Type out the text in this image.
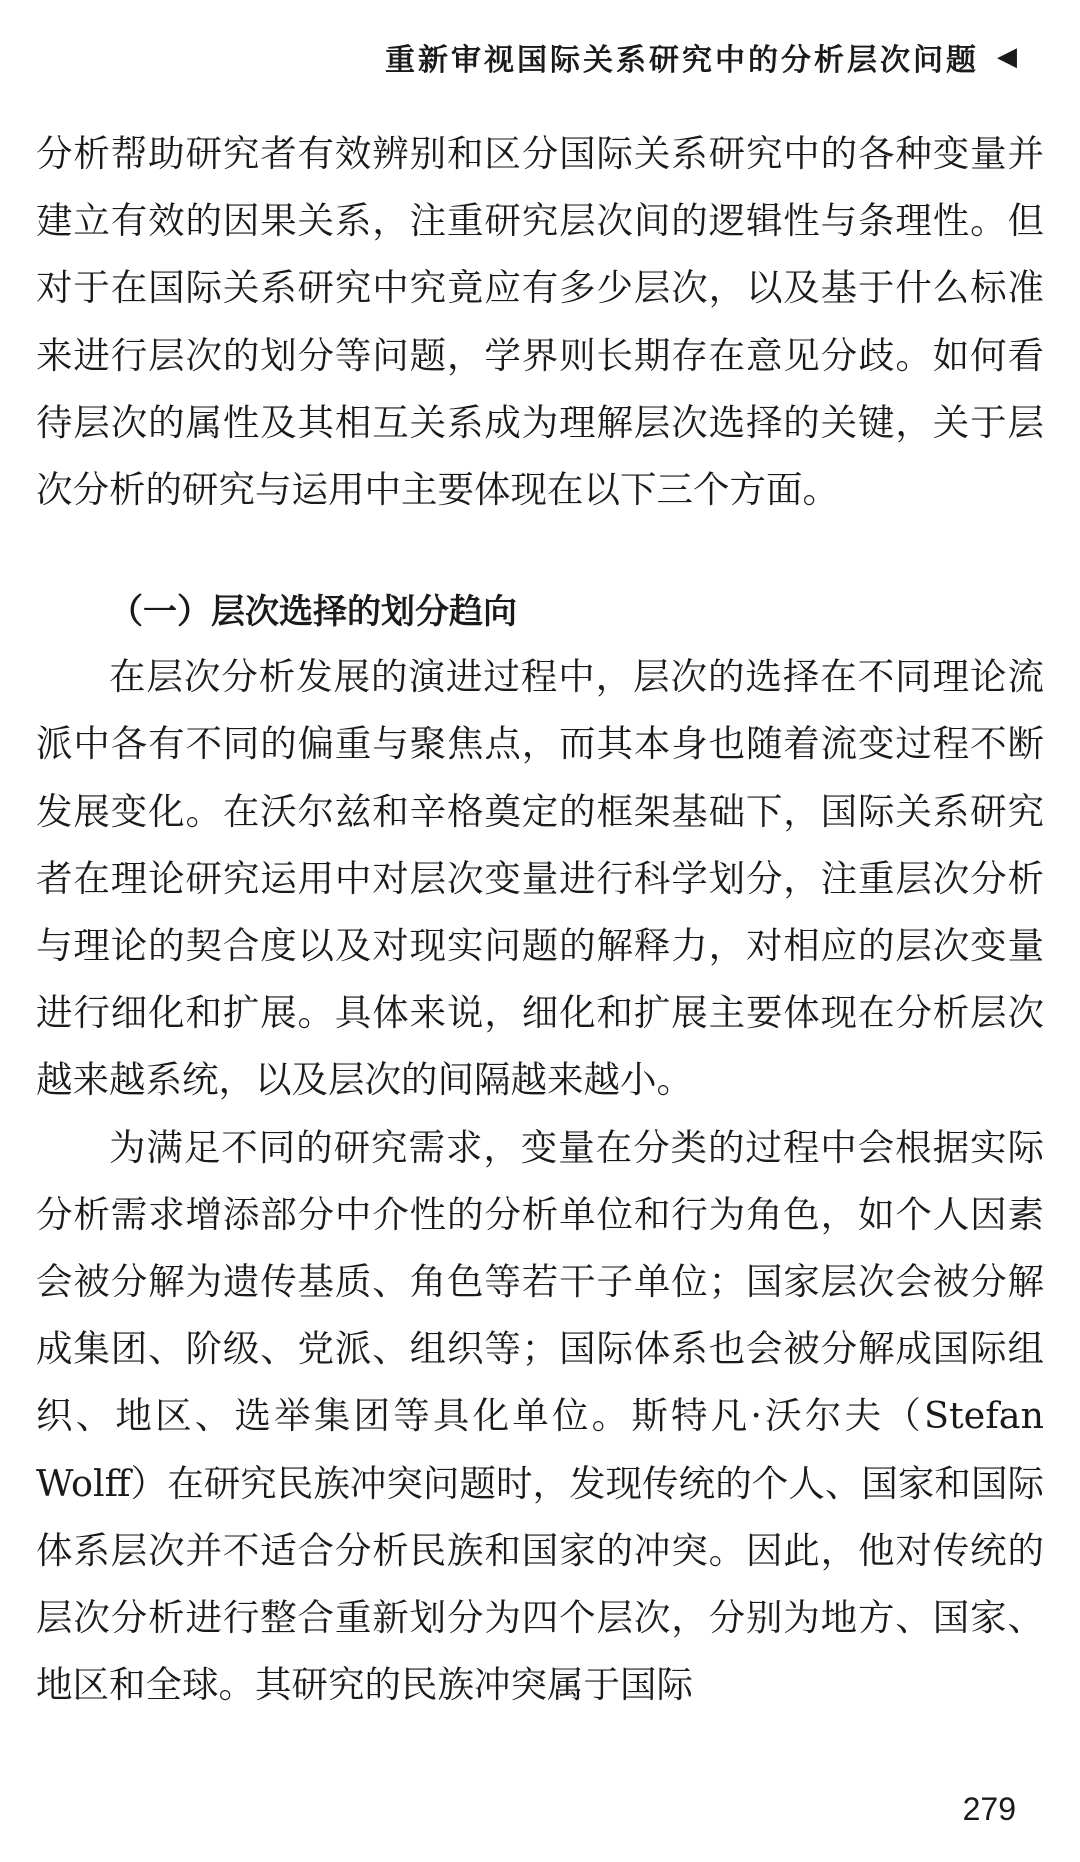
重新审视国际关系研究中的分析层次问题 ◀

分析帮助研究者有效辨别和区分国际关系研究中的各种变量并建立有效的因果关系，注重研究层次间的逻辑性与条理性。但对于在国际关系研究中究竟应有多少层次，以及基于什么标准来进行层次的划分等问题，学界则长期存在意见分歧。如何看待层次的属性及其相互关系成为理解层次选择的关键，关于层次分析的研究与运用中主要体现在以下三个方面。

（一）层次选择的划分趋向

在层次分析发展的演进过程中，层次的选择在不同理论流派中各有不同的偏重与聚焦点，而其本身也随着流变过程不断发展变化。在沃尔兹和辛格奠定的框架基础下，国际关系研究者在理论研究运用中对层次变量进行科学划分，注重层次分析与理论的契合度以及对现实问题的解释力，对相应的层次变量进行细化和扩展。具体来说，细化和扩展主要体现在分析层次越来越系统，以及层次的间隔越来越小。

为满足不同的研究需求，变量在分类的过程中会根据实际分析需求增添部分中介性的分析单位和行为角色，如个人因素会被分解为遗传基质、角色等若干子单位；国家层次会被分解成集团、阶级、党派、组织等；国际体系也会被分解成国际组织、地区、选举集团等具化单位。斯特凡·沃尔夫（Stefan Wolff）在研究民族冲突问题时，发现传统的个人、国家和国际体系层次并不适合分析民族和国家的冲突。因此，他对传统的层次分析进行整合重新划分为四个层次，分别为地方、国家、地区和全球。其研究的民族冲突属于国际

279
